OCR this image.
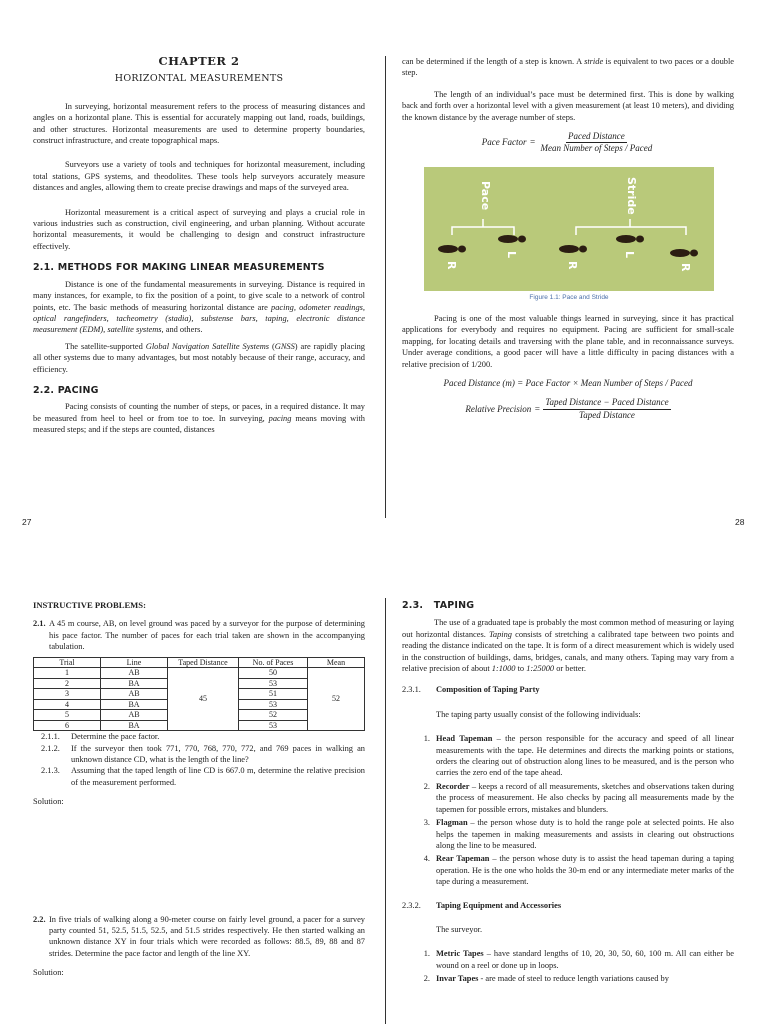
CHAPTER 2
HORIZONTAL MEASUREMENTS

In surveying, horizontal measurement refers to the process of measuring distances and angles on a horizontal plane. This is essential for accurately mapping out land, roads, buildings, and other structures. Horizontal measurements are used to determine property boundaries, construct infrastructure, and create topographical maps.

Surveyors use a variety of tools and techniques for horizontal measurement, including total stations, GPS systems, and theodolites. These tools help surveyors accurately measure distances and angles, allowing them to create precise drawings and maps of the surveyed area.

Horizontal measurement is a critical aspect of surveying and plays a crucial role in various industries such as construction, civil engineering, and urban planning. Without accurate horizontal measurements, it would be challenging to design and construct infrastructure effectively.

2.1. METHODS FOR MAKING LINEAR MEASUREMENTS

Distance is one of the fundamental measurements in surveying. Distance is required in many instances, for example, to fix the position of a point, to give scale to a network of control points, etc. The basic methods of measuring horizontal distance are pacing, odometer readings, optical rangefinders, tacheometry (stadia), substense bars, taping, electronic distance measurement (EDM), satellite systems, and others.

The satellite-supported Global Navigation Satellite Systems (GNSS) are rapidly placing all other systems due to many advantages, but most notably because of their range, accuracy, and efficiency.

2.2. PACING

Pacing consists of counting the number of steps, or paces, in a required distance. It may be measured from heel to heel or from toe to toe. In surveying, pacing means moving with measured steps; and if the steps are counted, distances

27

can be determined if the length of a step is known. A stride is equivalent to two paces or a double step.

The length of an individual’s pace must be determined first. This is done by walking back and forth over a horizontal level with a given measurement (at least 10 meters), and dividing the known distance by the average number of steps.

Pace Factor = $\frac{\text{Paced Distance}}{\text{Mean Number of Steps / Paced}}$
Pace	Stride
R
L
R
L
R
Figure 1.1: Pace and Stride

Pacing is one of the most valuable things learned in surveying, since it has practical applications for everybody and requires no equipment. Pacing are sufficient for small-scale mapping, for locating details and traversing with the plane table, and in reconnaissance surveys. Under average conditions, a good pacer will have a little difficulty in pacing distances with a relative precision of 1/200.

Paced Distance (m) = Pace Factor × Mean Number of Steps / Paced
Relative Precision = $\frac{\text{Taped Distance − Paced Distance}}{\text{Taped Distance}}$
28
INSTRUCTIVE PROBLEMS:
2.1. A 45 m course, AB, on level ground was paced by a surveyor for the purpose of determining his pace factor. The number of paces for each trial taken are shown in the accompanying tabulation.

Trial	Line	Taped Distance	No. of Paces	Mean
1	AB	45	50	52
2	BA		53	
3	AB		51	
4	BA		53	
5	AB		52	
6	BA		53	
2.1.1.	Determine the pace factor.
2.1.2.	If the surveyor then took 771, 770, 768, 770, 772, and 769 paces in walking an unknown distance CD, what is the length of the line?
2.1.3.	Assuming that the taped length of line CD is 667.0 m, determine the relative precision of the measurement performed.
Solution:
2.2. In five trials of walking along a 90-meter course on fairly level ground, a pacer for a survey party counted 51, 52.5, 51.5, 52.5, and 51.5 strides respectively. He then started walking an unknown distance XY in four trials which were recorded as follows: 88.5, 89, 88 and 87 strides. Determine the pace factor and length of the line XY.

Solution:
2.3.   TAPING

The use of a graduated tape is probably the most common method of measuring or laying out horizontal distances. Taping consists of stretching a calibrated tape between two points and reading the distance indicated on the tape. It is form of a direct measurement which is widely used in the construction of buildings, dams, bridges, canals, and many others. Taping may vary from a relative precision of about 1:1000 to 1:25000 or better.

2.3.1.	Composition of Taping Party
The taping party usually consist of the following individuals:
1. Head Tapeman – the person responsible for the accuracy and speed of all linear measurements with the tape. He determines and directs the marking points or stations, orders the clearing out of obstruction along lines to be measured, and is the person who carries the zero end of the tape ahead.
2. Recorder – keeps a record of all measurements, sketches and observations taken during the process of measurement. He also checks by pacing all measurements made by the tapemen for possible errors, mistakes and blunders.
3. Flagman – the person whose duty is to hold the range pole at selected points. He also helps the tapemen in making measurements and assists in clearing out obstructions along the line to be measured.
4. Rear Tapeman – the person whose duty is to assist the head tapeman during a taping operation. He is the one who holds the 30-m end or any intermediate meter marks of the tape during a measurement.
2.3.2.	Taping Equipment and Accessories
The surveyor.
1. Metric Tapes – have standard lengths of 10, 20, 30, 50, 60, 100 m. All can either be wound on a reel or done up in loops.
2. Invar Tapes - are made of steel to reduce length variations caused by
